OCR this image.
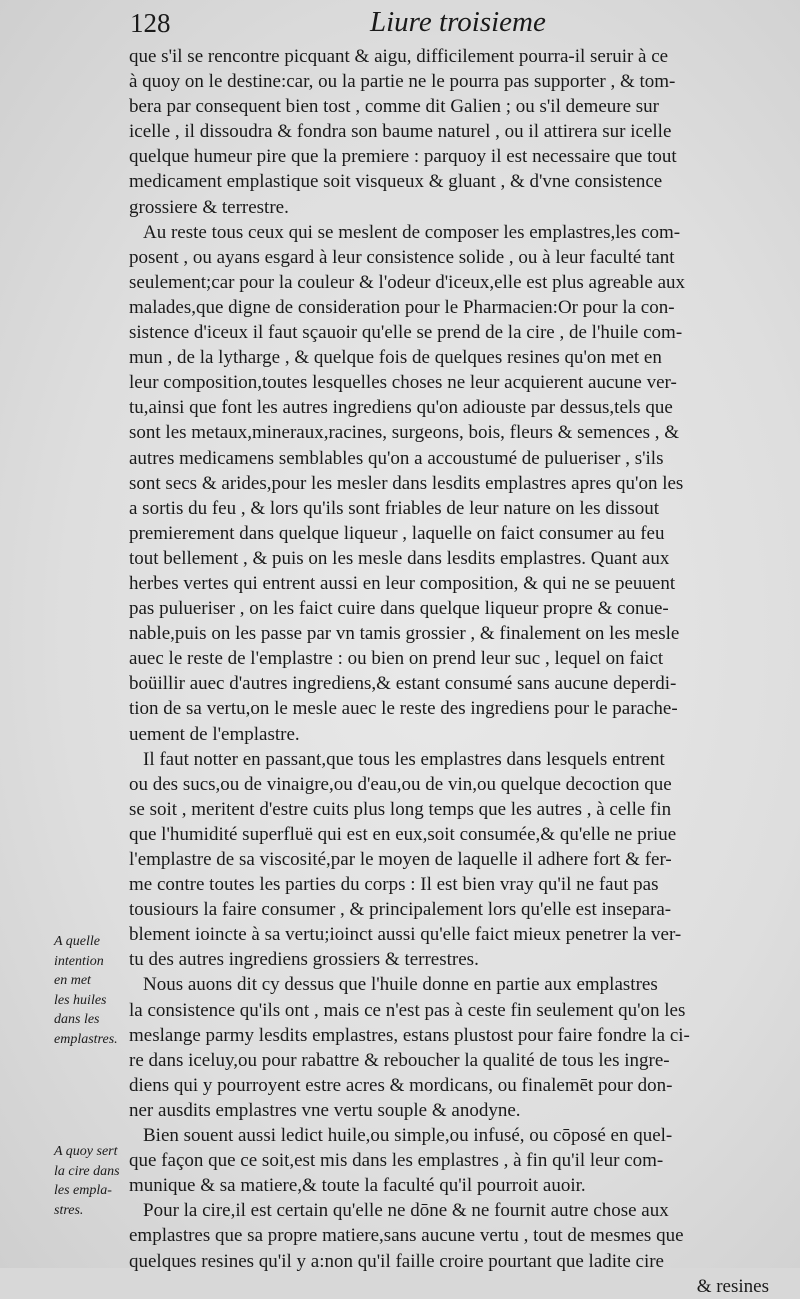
128	Liure troisieme
A quelle
intention
en met
les huiles
dans les
emplastres.
A quoy sert
la cire dans
les empla-
stres.
que s'il se rencontre picquant & aigu, difficilement pourra-il seruir à ce
à quoy on le destine:car, ou la partie ne le pourra pas supporter , & tom-
bera par consequent bien tost , comme dit Galien ; ou s'il demeure sur
icelle , il dissoudra & fondra son baume naturel , ou il attirera sur icelle
quelque humeur pire que la premiere : parquoy il est necessaire que tout
medicament emplastique soit visqueux & gluant , & d'vne consistence
grossiere & terrestre.
Au reste tous ceux qui se meslent de composer les emplastres,les com-
posent , ou ayans esgard à leur consistence solide , ou à leur faculté tant
seulement;car pour la couleur & l'odeur d'iceux,elle est plus agreable aux
malades,que digne de consideration pour le Pharmacien:Or pour la con-
sistence d'iceux il faut sçauoir qu'elle se prend de la cire , de l'huile com-
mun , de la lytharge , & quelque fois de quelques resines qu'on met en
leur composition,toutes lesquelles choses ne leur acquierent aucune ver-
tu,ainsi que font les autres ingrediens qu'on adiouste par dessus,tels que
sont les metaux,mineraux,racines, surgeons, bois, fleurs & semences , &
autres medicamens semblables qu'on a accoustumé de pulueriser , s'ils
sont secs & arides,pour les mesler dans lesdits emplastres apres qu'on les
a sortis du feu , & lors qu'ils sont friables de leur nature on les dissout
premierement dans quelque liqueur , laquelle on faict consumer au feu
tout bellement , & puis on les mesle dans lesdits emplastres. Quant aux
herbes vertes qui entrent aussi en leur composition, & qui ne se peuuent
pas pulueriser , on les faict cuire dans quelque liqueur propre & conue-
nable,puis on les passe par vn tamis grossier , & finalement on les mesle
auec le reste de l'emplastre : ou bien on prend leur suc , lequel on faict
boüillir auec d'autres ingrediens,& estant consumé sans aucune deperdi-
tion de sa vertu,on le mesle auec le reste des ingrediens pour le parache-
uement de l'emplastre.
Il faut notter en passant,que tous les emplastres dans lesquels entrent
ou des sucs,ou de vinaigre,ou d'eau,ou de vin,ou quelque decoction que
se soit , meritent d'estre cuits plus long temps que les autres , à celle fin
que l'humidité superfluë qui est en eux,soit consumée,& qu'elle ne priue
l'emplastre de sa viscosité,par le moyen de laquelle il adhere fort & fer-
me contre toutes les parties du corps : Il est bien vray qu'il ne faut pas
tousiours la faire consumer , & principalement lors qu'elle est insepara-
blement ioincte à sa vertu;ioinct aussi qu'elle faict mieux penetrer la ver-
tu des autres ingrediens grossiers & terrestres.
Nous auons dit cy dessus que l'huile donne en partie aux emplastres
la consistence qu'ils ont , mais ce n'est pas à ceste fin seulement qu'on les
meslange parmy lesdits emplastres, estans plustost pour faire fondre la ci-
re dans iceluy,ou pour rabattre & reboucher la qualité de tous les ingre-
diens qui y pourroyent estre acres & mordicans, ou finalemēt pour don-
ner ausdits emplastres vne vertu souple & anodyne.
Bien souent aussi ledict huile,ou simple,ou infusé, ou cōposé en quel-
que façon que ce soit,est mis dans les emplastres , à fin qu'il leur com-
munique & sa matiere,& toute la faculté qu'il pourroit auoir.
Pour la cire,il est certain qu'elle ne dōne & ne fournit autre chose aux
emplastres que sa propre matiere,sans aucune vertu , tout de mesmes que
quelques resines qu'il y a:non qu'il faille croire pourtant que ladite cire
& resines
